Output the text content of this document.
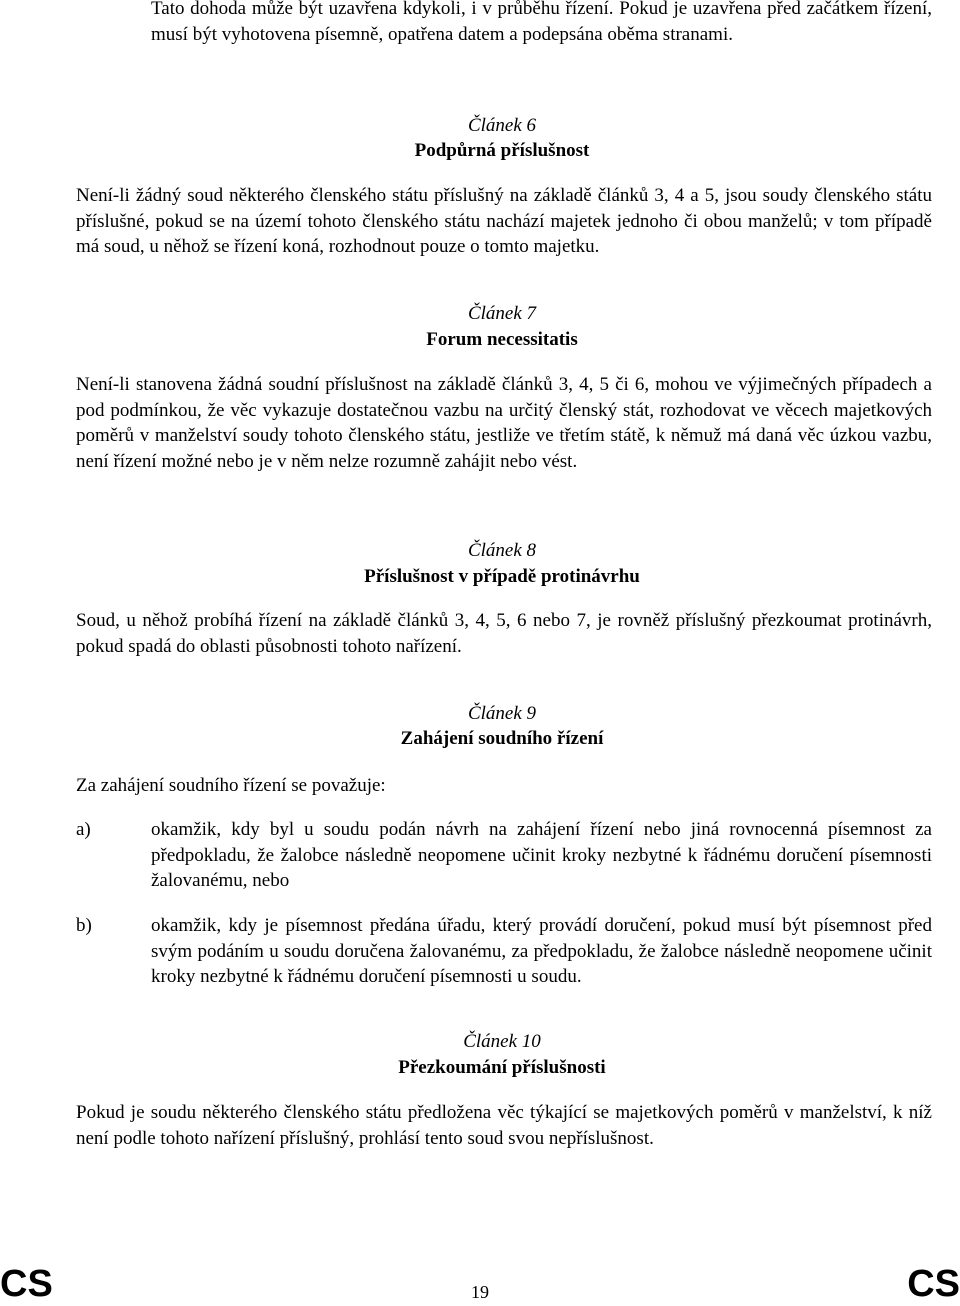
Tato dohoda může být uzavřena kdykoli, i v průběhu řízení. Pokud je uzavřena před začátkem řízení, musí být vyhotovena písemně, opatřena datem a podepsána oběma stranami.

Článek 6
Podpůrná příslušnost

Není-li žádný soud některého členského státu příslušný na základě článků 3, 4 a 5, jsou soudy členského státu příslušné, pokud se na území tohoto členského státu nachází majetek jednoho či obou manželů; v tom případě má soud, u něhož se řízení koná, rozhodnout pouze o tomto majetku.

Článek 7
Forum necessitatis

Není-li stanovena žádná soudní příslušnost na základě článků 3, 4, 5 či 6, mohou ve výjimečných případech a pod podmínkou, že věc vykazuje dostatečnou vazbu na určitý členský stát, rozhodovat ve věcech majetkových poměrů v manželství soudy tohoto členského státu, jestliže ve třetím státě, k němuž má daná věc úzkou vazbu, není řízení možné nebo je v něm nelze rozumně zahájit nebo vést.

Článek 8
Příslušnost v případě protinávrhu

Soud, u něhož probíhá řízení na základě článků 3, 4, 5, 6 nebo 7, je rovněž příslušný přezkoumat protinávrh, pokud spadá do oblasti působnosti tohoto nařízení.

Článek 9
Zahájení soudního řízení

Za zahájení soudního řízení se považuje:

a)	okamžik, kdy byl u soudu podán návrh na zahájení řízení nebo jiná rovnocenná písemnost za předpokladu, že žalobce následně neopomene učinit kroky nezbytné k řádnému doručení písemnosti žalovanému, nebo
b)	okamžik, kdy je písemnost předána úřadu, který provádí doručení, pokud musí být písemnost před svým podáním u soudu doručena žalovanému, za předpokladu, že žalobce následně neopomene učinit kroky nezbytné k řádnému doručení písemnosti u soudu.
Článek 10
Přezkoumání příslušnosti

Pokud je soudu některého členského státu předložena věc týkající se majetkových poměrů v manželství, k níž není podle tohoto nařízení příslušný, prohlásí tento soud svou nepříslušnost.

CS	19	CS
